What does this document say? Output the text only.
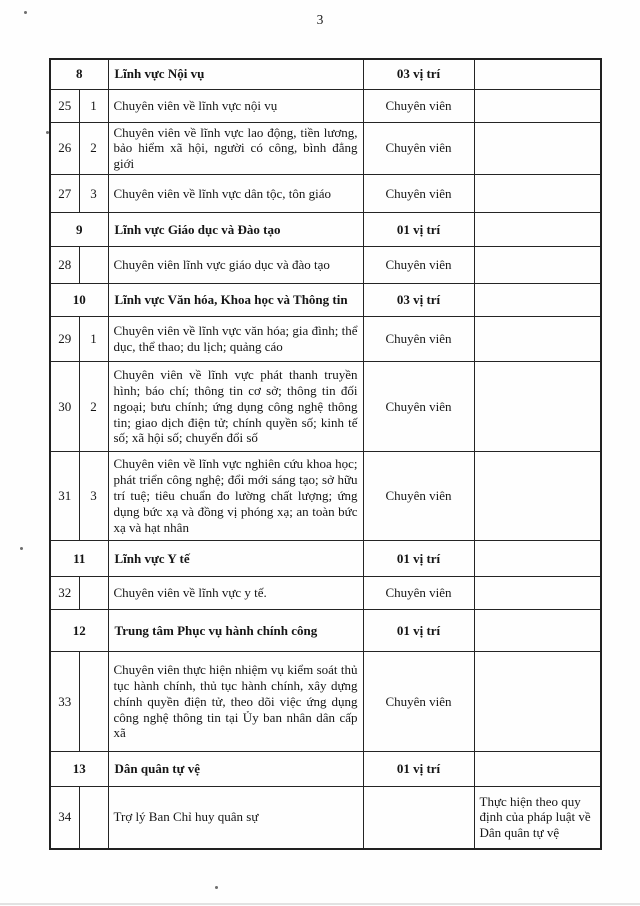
3
8		Lĩnh vực Nội vụ	03 vị trí	
25	1	Chuyên viên về lĩnh vực nội vụ	Chuyên viên	
26	2	Chuyên viên về lĩnh vực lao động, tiền lương, bảo hiểm xã hội, người có công, bình đẳng giới	Chuyên viên	
27	3	Chuyên viên về lĩnh vực dân tộc, tôn giáo	Chuyên viên	
9		Lĩnh vực Giáo dục và Đào tạo	01 vị trí	
28		Chuyên viên lĩnh vực giáo dục và đào tạo	Chuyên viên	
10		Lĩnh vực Văn hóa, Khoa học và Thông tin	03 vị trí	
29	1	Chuyên viên về lĩnh vực văn hóa; gia đình; thể dục, thể thao; du lịch; quảng cáo	Chuyên viên	
30	2	Chuyên viên về lĩnh vực phát thanh truyền hình; báo chí; thông tin cơ sở; thông tin đối ngoại; bưu chính; ứng dụng công nghệ thông tin; giao dịch điện tử; chính quyền số; kinh tế số; xã hội số; chuyển đổi số	Chuyên viên	
31	3	Chuyên viên về lĩnh vực nghiên cứu khoa học; phát triển công nghệ; đổi mới sáng tạo; sở hữu trí tuệ; tiêu chuẩn đo lường chất lượng; ứng dụng bức xạ và đồng vị phóng xạ; an toàn bức xạ và hạt nhân	Chuyên viên	
11		Lĩnh vực Y tế	01 vị trí	
32		Chuyên viên về lĩnh vực y tế.	Chuyên viên	
12		Trung tâm Phục vụ hành chính công	01 vị trí	
33		Chuyên viên thực hiện nhiệm vụ kiểm soát thủ tục hành chính, thủ tục hành chính, xây dựng chính quyền điện tử, theo dõi việc ứng dụng công nghệ thông tin tại Ủy ban nhân dân cấp xã	Chuyên viên	
13		Dân quân tự vệ	01 vị trí	
34		Trợ lý Ban Chỉ huy quân sự		Thực hiện theo quy định của pháp luật về Dân quân tự vệ
